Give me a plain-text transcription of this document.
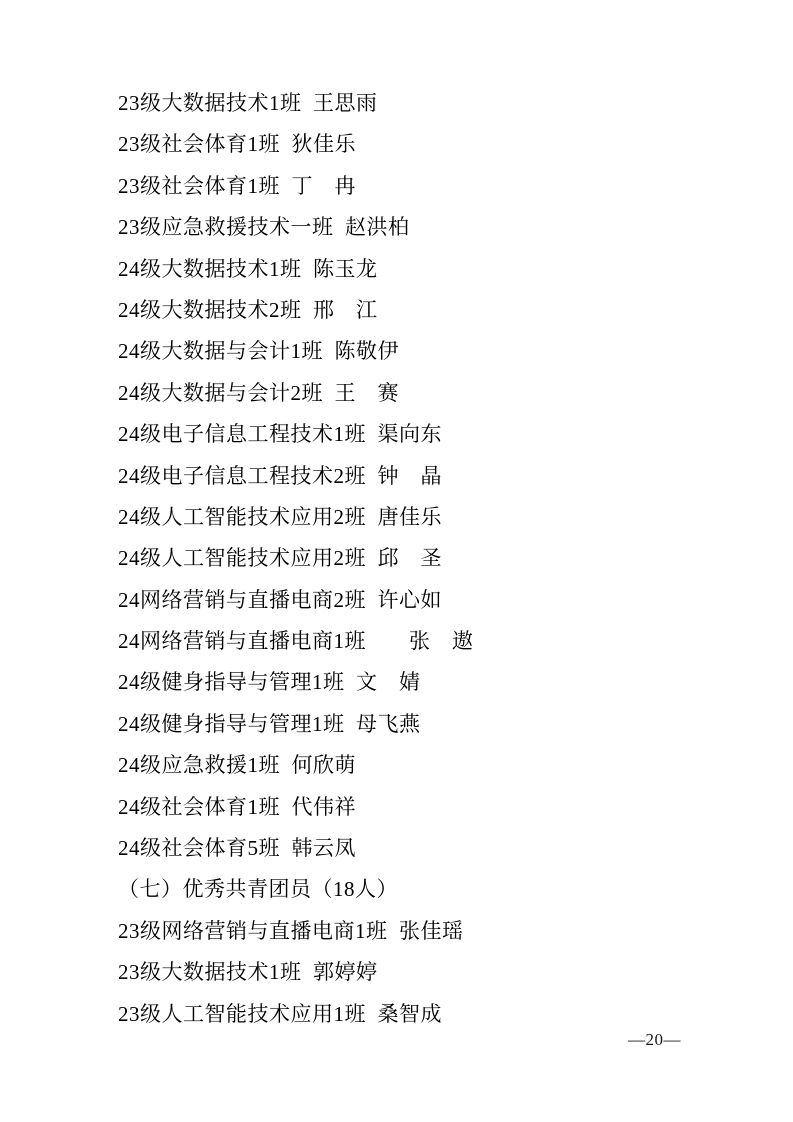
23级大数据技术1班  王思雨
23级社会体育1班  狄佳乐
23级社会体育1班  丁　冉
23级应急救援技术一班  赵洪柏
24级大数据技术1班  陈玉龙
24级大数据技术2班  邢　江
24级大数据与会计1班  陈敬伊
24级大数据与会计2班  王　赛
24级电子信息工程技术1班  渠向东
24级电子信息工程技术2班  钟　晶
24级人工智能技术应用2班  唐佳乐
24级人工智能技术应用2班  邱　圣
24网络营销与直播电商2班  许心如
24网络营销与直播电商1班　　张　遨
24级健身指导与管理1班  文　婧
24级健身指导与管理1班  母飞燕
24级应急救援1班  何欣萌
24级社会体育1班  代伟祥
24级社会体育5班  韩云凤
（七）优秀共青团员（18人）
23级网络营销与直播电商1班  张佳瑶
23级大数据技术1班  郭婷婷
23级人工智能技术应用1班  桑智成
—20—
